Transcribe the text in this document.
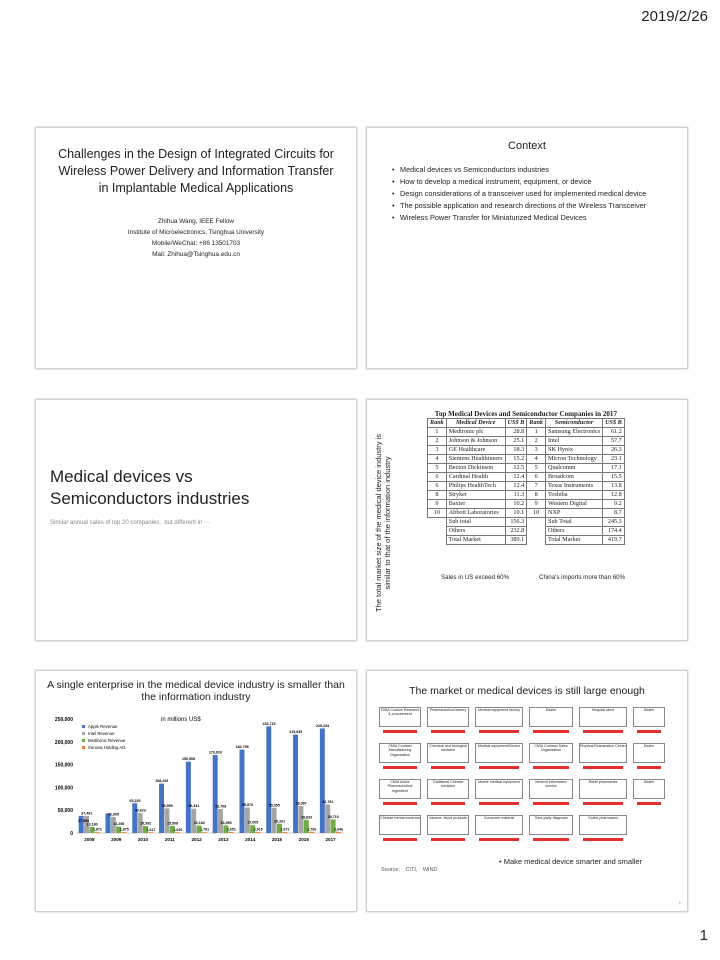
2019/2/26
Challenges in the Design of Integrated Circuits for Wireless Power Delivery and Information Transfer in Implantable Medical Applications
Zhihua Wang, IEEE Fellow
Institute of Microelectronics, Tsinghua University
Mobile/WeChat: +86 13501703
Mail: Zhihua@Tsinghua.edu.cn
Context
• Medical devices vs Semiconductors industries
• How to develop a medical instrument, equipment, or device
• Design considerations of a transceiver used for implemented medical device
• The possible application and research directions of the Wireless Transceiver
• Wireless Power Transfer for Miniaturized Medical Devices
Medical devices vs Semiconductors industries
Similar annual sales of top 20 companies , but different in ···	The total market size of the medical device industry is similar to that of the information industry
Top Medical Devices and Semiconductor Companies in 2017					
Rank	Medical Device	US$ B	Rank	Semiconductor	US$ B
1	Medtronic plc	28.8	1	Samsung Electronics	61.2
2	Johnson & Johnson	25.1	2	Intel	57.7
3	GE Healthcare	18.3	3	SK Hynix	26.3
4	Siemens Healthineers	15.2	4	Micron Technology	23.1
5	Becton Dickinson	12.5	5	Qualcomm	17.1
6	Cardinal Health	12.4	6	Broadcom	15.5
6	Philips HealthTech	12.4	7	Texas Instruments	13.8
8	Stryker	11.3	8	Toshiba	12.8
9	Baxter	10.2	9	Western Digital	9.2
10	Abbott Laboratories	10.1	10	NXP	8.7
	Sub total	156.3		Sub Total	245.3
	Others	232.8		Others	174.4
	Total Market	389.1		Total Market	419.7
Sales in US exceed 60%	China's imports more than 60%
A single enterprise in the medical device industry is smaller than the information industry
0
50,000
100,000
150,000
200,000
250,000	in millions US$
Apple Revenue
Intel Revenue
Medtronic Revenue
Sonova Holding AG
37,491
13,180
1,871
2008
42,905
14,256
1,875
2009
65,225
43,623
15,392
1,617
2010
108,249
53,999
15,508
1,620
2011
156,508
53,341
16,184
1,791
2012
170,910
52,708
16,590
2,051
2013
182,795
55,870
17,005
2,015
2014
233,715
55,355
20,261
2,072
2015
215,639
59,387
28,833
2,706
2016
229,234
62,761
29,710
2,646
2017
37,586
The market or medical devices is still large enough
CMIA Custom Research & procurement
Pharmaceutical factory	Medical equipment factory	Dealer	Hospital client	Dealer
CMIA Contract Manufacturing Organization
Chemical and biological medicine
Medical equipment/Device	CMIA Contract Sales Organization
Physical Examination Center	Dealer
CMIA Active Pharmaceutical Ingredient
Traditional Chinese medicine
Mobile medical equipment	Medical information service
Retail pharmacies	Dealer
Chinese herbal medicine	Vaccine, blood products	Consumer material	Third-party diagnosis	Online pharmacies
• Make medical device smarter and smaller
Source： CITI， WIND
6
1
